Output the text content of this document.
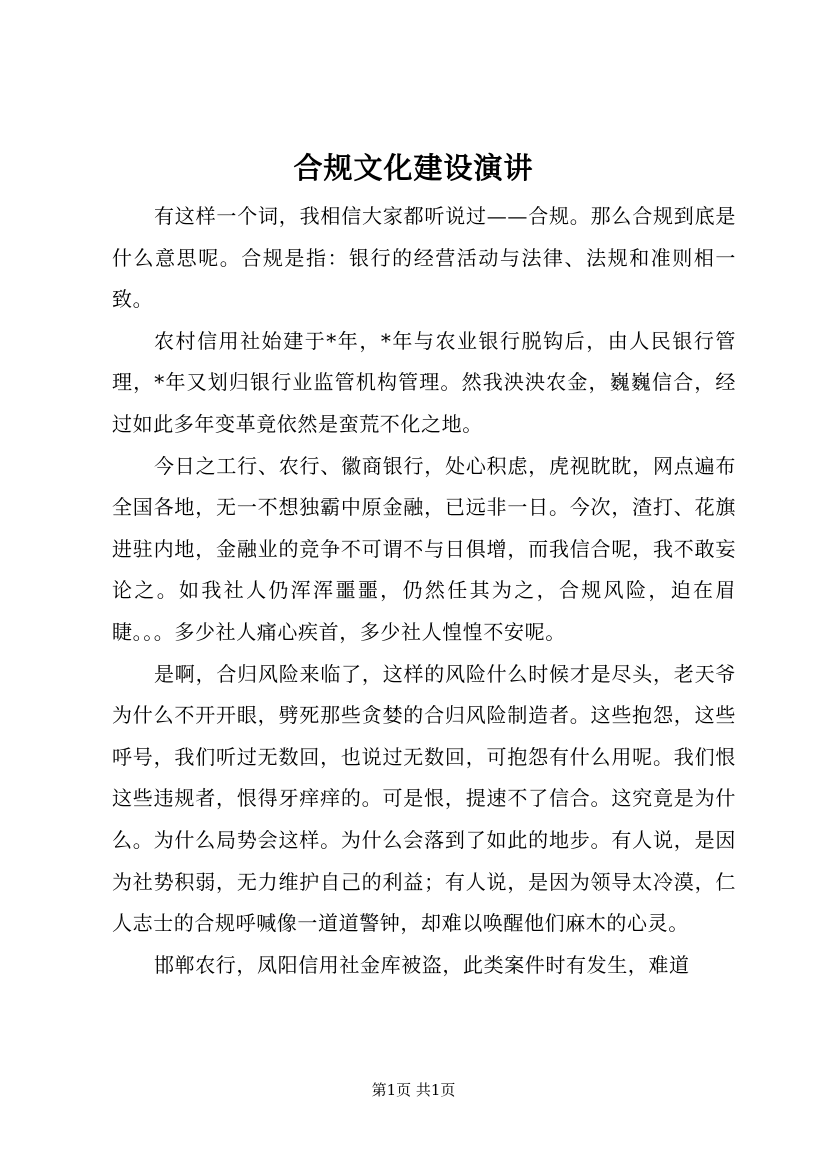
合规文化建设演讲

有这样一个词，我相信大家都听说过——合规。那么合规到底是什么意思呢。合规是指：银行的经营活动与法律、法规和准则相一致。

农村信用社始建于*年，*年与农业银行脱钩后，由人民银行管理，*年又划归银行业监管机构管理。然我泱泱农金，巍巍信合，经过如此多年变革竟依然是蛮荒不化之地。

今日之工行、农行、徽商银行，处心积虑，虎视眈眈，网点遍布全国各地，无一不想独霸中原金融，已远非一日。今次，渣打、花旗进驻内地，金融业的竞争不可谓不与日俱增，而我信合呢，我不敢妄论之。如我社人仍浑浑噩噩，仍然任其为之，合规风险，迫在眉睫。。。多少社人痛心疾首，多少社人惶惶不安呢。

是啊，合归风险来临了，这样的风险什么时候才是尽头，老天爷为什么不开开眼，劈死那些贪婪的合归风险制造者。这些抱怨，这些呼号，我们听过无数回，也说过无数回，可抱怨有什么用呢。我们恨这些违规者，恨得牙痒痒的。可是恨，提速不了信合。这究竟是为什么。为什么局势会这样。为什么会落到了如此的地步。有人说，是因为社势积弱，无力维护自己的利益；有人说，是因为领导太冷漠，仁人志士的合规呼喊像一道道警钟，却难以唤醒他们麻木的心灵。

邯郸农行，凤阳信用社金库被盗，此类案件时有发生，难道

第1页 共1页
